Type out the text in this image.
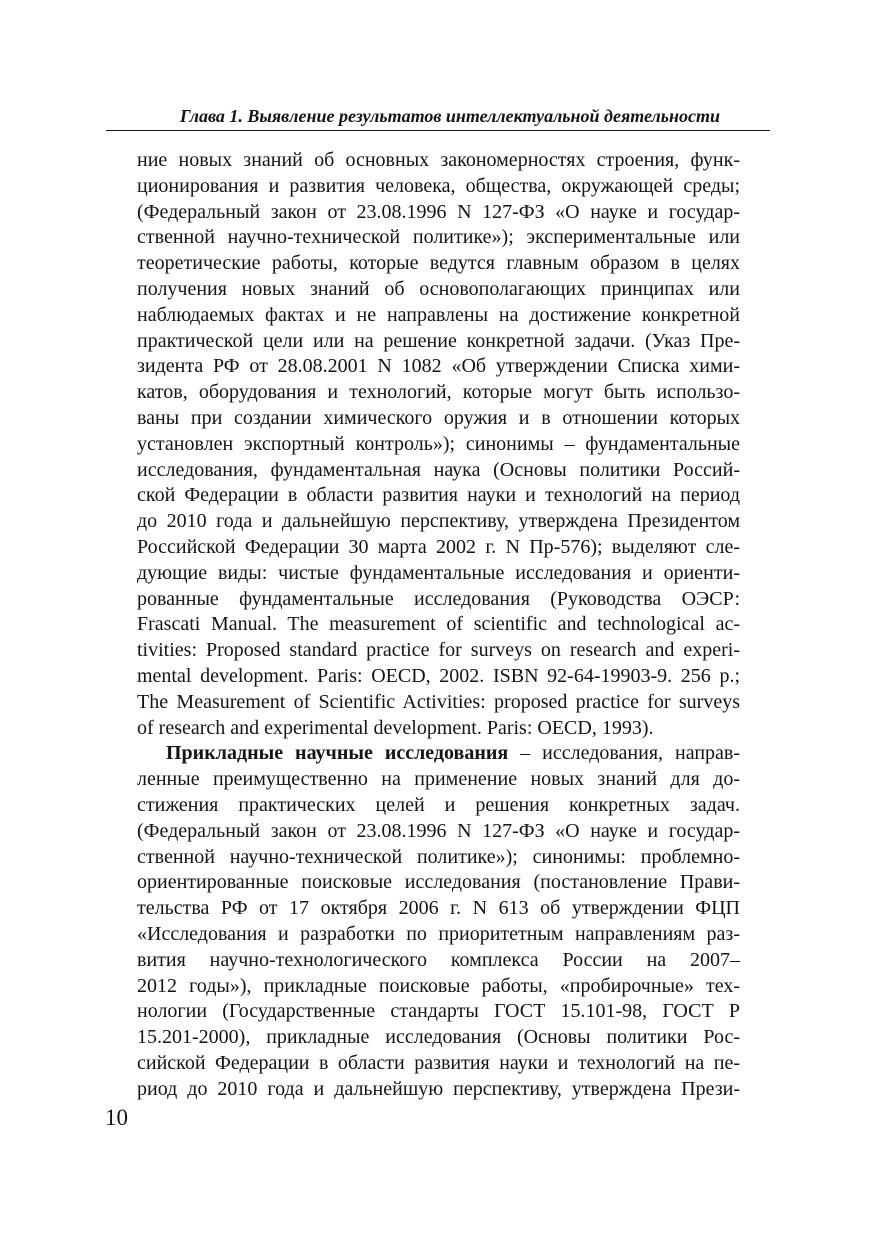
Глава 1. Выявление результатов интеллектуальной деятельности
ние новых знаний об основных закономерностях строения, функ-
ционирования и развития человека, общества, окружающей среды;
(Федеральный закон от 23.08.1996 N 127-ФЗ «О науке и государ-
ственной научно-технической политике»); экспериментальные или
теоретические работы, которые ведутся главным образом в целях
получения новых знаний об основополагающих принципах или
наблюдаемых фактах и не направлены на достижение конкретной
практической цели или на решение конкретной задачи. (Указ Пре-
зидента РФ от 28.08.2001 N 1082 «Об утверждении Списка хими-
катов, оборудования и технологий, которые могут быть использо-
ваны при создании химического оружия и в отношении которых
установлен экспортный контроль»); синонимы – фундаментальные
исследования, фундаментальная наука (Основы политики Россий-
ской Федерации в области развития науки и технологий на период
до 2010 года и дальнейшую перспективу, утверждена Президентом
Российской Федерации 30 марта 2002 г. N Пр-576); выделяют сле-
дующие виды: чистые фундаментальные исследования и ориенти-
рованные фундаментальные исследования (Руководства ОЭСР:
Frascati Manual. The measurement of scientific and technological ac-
tivities: Proposed standard practice for surveys on research and experi-
mental development. Paris: OECD, 2002. ISBN 92-64-19903-9. 256 p.;
The Measurement of Scientific Activities: proposed practice for surveys
of research and experimental development. Paris: OECD, 1993).
Прикладные научные исследования – исследования, направ-
ленные преимущественно на применение новых знаний для до-
стижения практических целей и решения конкретных задач.
(Федеральный закон от 23.08.1996 N 127-ФЗ «О науке и государ-
ственной научно-технической политике»); синонимы: проблемно-
ориентированные поисковые исследования (постановление Прави-
тельства РФ от 17 октября 2006 г. N 613 об утверждении ФЦП
«Исследования и разработки по приоритетным направлениям раз-
вития научно-технологического комплекса России на 2007–
2012 годы»), прикладные поисковые работы, «пробирочные» тех-
нологии (Государственные стандарты ГОСТ 15.101-98, ГОСТ Р
15.201-2000), прикладные исследования (Основы политики Рос-
сийской Федерации в области развития науки и технологий на пе-
риод до 2010 года и дальнейшую перспективу, утверждена Прези-
10
